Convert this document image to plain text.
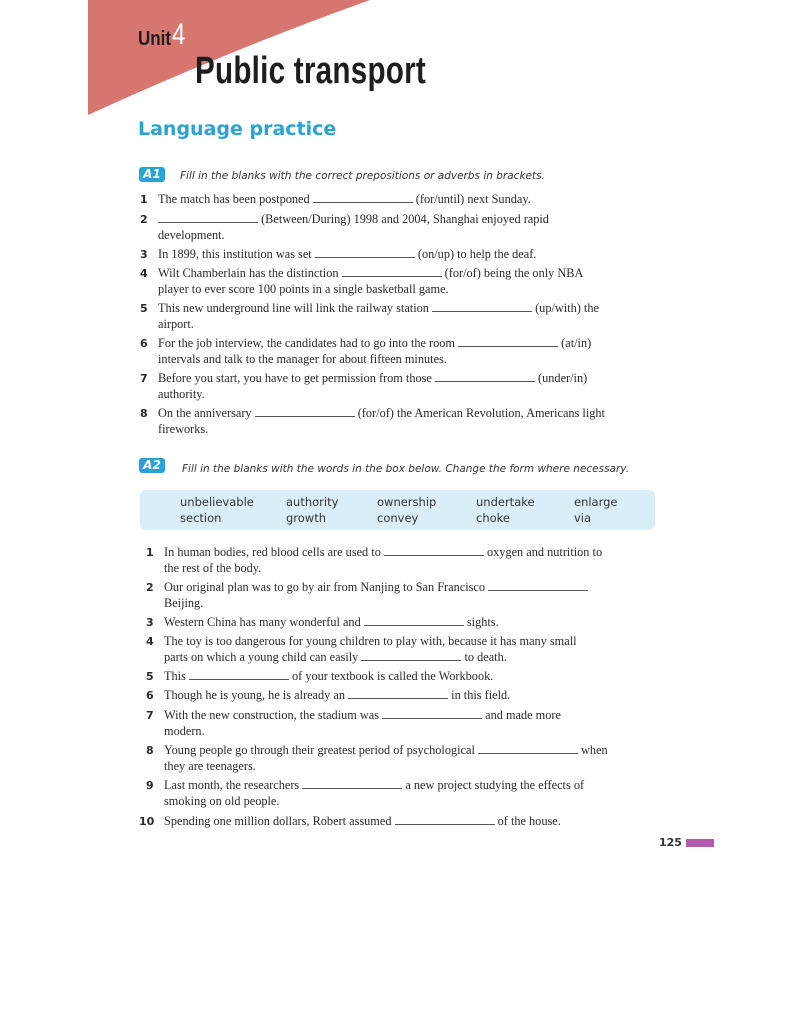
Unit 4
Public transport
Language practice
A1	Fill in the blanks with the correct prepositions or adverbs in brackets.
1 The match has been postponed	(for/until) next Sunday.
2	(Between/During) 1998 and 2004, Shanghai enjoyed rapid
development.
3 In 1899, this institution was set	(on/up) to help the deaf.
4 Wilt Chamberlain has the distinction	(for/of) being the only NBA
player to ever score 100 points in a single basketball game.
5 This new underground line will link the railway station	(up/with) the
airport.
6 For the job interview, the candidates had to go into the room	(at/in)
intervals and talk to the manager for about fifteen minutes.
7 Before you start, you have to get permission from those	(under/in)
authority.
8 On the anniversary	(for/of) the American Revolution, Americans light
fireworks.
A2	Fill in the blanks with the words in the box below. Change the form where necessary.
unbelievable	authority	ownership	undertake	enlarge
section	growth	convey	choke	via
1 In human bodies, red blood cells are used to	oxygen and nutrition to
the rest of the body.
2 Our original plan was to go by air from Nanjing to San Francisco
Beijing.
3 Western China has many wonderful and	sights.
4 The toy is too dangerous for young children to play with, because it has many small
parts on which a young child can easily	to death.
5 This	of your textbook is called the Workbook.
6 Though he is young, he is already an	in this field.
7 With the new construction, the stadium was	and made more
modern.
8 Young people go through their greatest period of psychological	when
they are teenagers.
9 Last month, the researchers	a new project studying the effects of
smoking on old people.
10 Spending one million dollars, Robert assumed	of the house.
125
